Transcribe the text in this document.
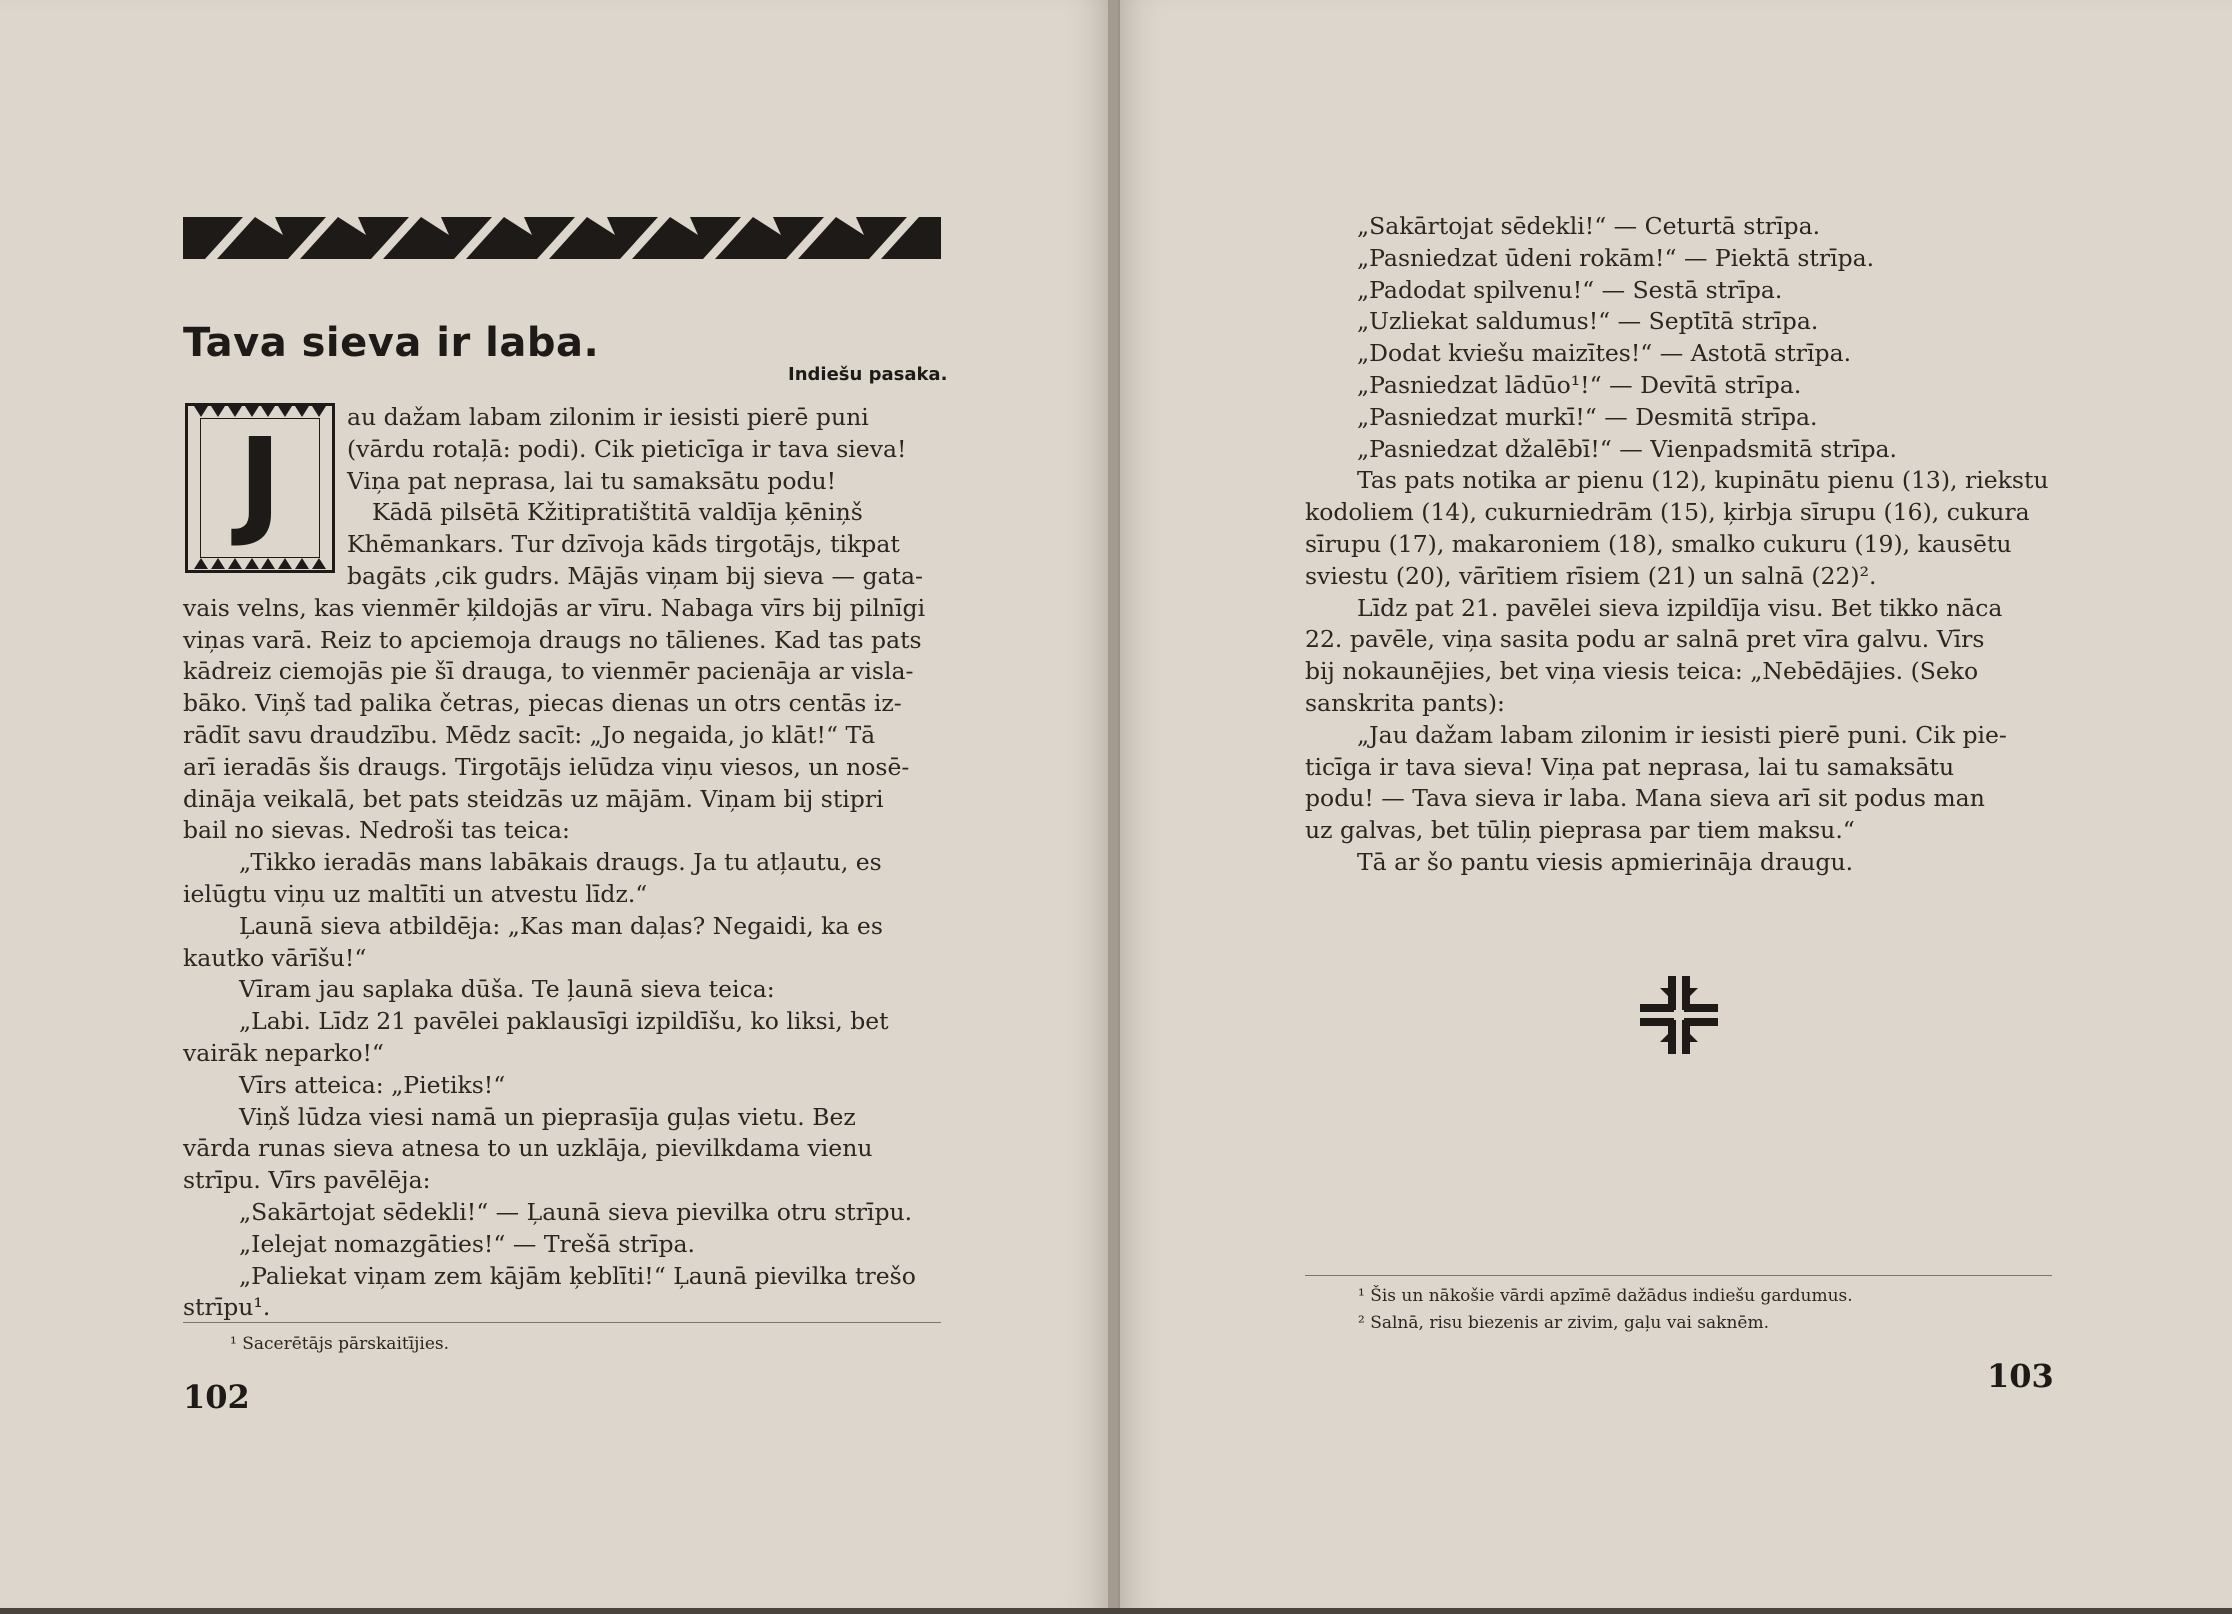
Tava sieva ir laba.
Indiešu pasaka.
J	au dažam labam zilonim ir iesisti pierē puni
(vārdu rotaļā: podi). Cik pieticīga ir tava sieva!
Viņa pat neprasa, lai tu samaksātu podu!
Kādā pilsētā Kžitipratištitā valdīja ķēniņš
Khēmankars. Tur dzīvoja kāds tirgotājs, tikpat
bagāts ,cik gudrs. Mājās viņam bij sieva — gata-
vais velns, kas vienmēr ķildojās ar vīru. Nabaga vīrs bij pilnīgi
viņas varā. Reiz to apciemoja draugs no tālienes. Kad tas pats
kādreiz ciemojās pie šī drauga, to vienmēr pacienāja ar visla-
bāko. Viņš tad palika četras, piecas dienas un otrs centās iz-
rādīt savu draudzību. Mēdz sacīt: „Jo negaida, jo klāt!“ Tā
arī ieradās šis draugs. Tirgotājs ielūdza viņu viesos, un nosē-
dināja veikalā, bet pats steidzās uz mājām. Viņam bij stipri
bail no sievas. Nedroši tas teica:
„Tikko ieradās mans labākais draugs. Ja tu atļautu, es
ielūgtu viņu uz maltīti un atvestu līdz.“
Ļaunā sieva atbildēja: „Kas man daļas? Negaidi, ka es
kautko vārīšu!“
Vīram jau saplaka dūša. Te ļaunā sieva teica:
„Labi. Līdz 21 pavēlei paklausīgi izpildīšu, ko liksi, bet
vairāk neparko!“
Vīrs atteica: „Pietiks!“
Viņš lūdza viesi namā un pieprasīja guļas vietu. Bez
vārda runas sieva atnesa to un uzklāja, pievilkdama vienu
strīpu. Vīrs pavēlēja:
„Sakārtojat sēdekli!“ — Ļaunā sieva pievilka otru strīpu.
„Ielejat nomazgāties!“ — Trešā strīpa.
„Paliekat viņam zem kājām ķeblīti!“ Ļaunā pievilka trešo
strīpu¹.
¹ Sacerētājs pārskaitījies.
102
„Sakārtojat sēdekli!“ — Ceturtā strīpa.
„Pasniedzat ūdeni rokām!“ — Piektā strīpa.
„Padodat spilvenu!“ — Sestā strīpa.
„Uzliekat saldumus!“ — Septītā strīpa.
„Dodat kviešu maizītes!“ — Astotā strīpa.
„Pasniedzat lādūo¹!“ — Devītā strīpa.
„Pasniedzat murkī!“ — Desmitā strīpa.
„Pasniedzat džalēbī!“ — Vienpadsmitā strīpa.
Tas pats notika ar pienu (12), kupinātu pienu (13), riekstu
kodoliem (14), cukurniedrām (15), ķirbja sīrupu (16), cukura
sīrupu (17), makaroniem (18), smalko cukuru (19), kausētu
sviestu (20), vārītiem rīsiem (21) un salnā (22)².
Līdz pat 21. pavēlei sieva izpildīja visu. Bet tikko nāca
22. pavēle, viņa sasita podu ar salnā pret vīra galvu. Vīrs
bij nokaunējies, bet viņa viesis teica: „Nebēdājies. (Seko
sanskrita pants):
„Jau dažam labam zilonim ir iesisti pierē puni. Cik pie-
ticīga ir tava sieva! Viņa pat neprasa, lai tu samaksātu
podu! — Tava sieva ir laba. Mana sieva arī sit podus man
uz galvas, bet tūliņ pieprasa par tiem maksu.“
Tā ar šo pantu viesis apmierināja draugu.
¹ Šis un nākošie vārdi apzīmē dažādus indiešu gardumus.
² Salnā, risu biezenis ar zivim, gaļu vai saknēm.
103
